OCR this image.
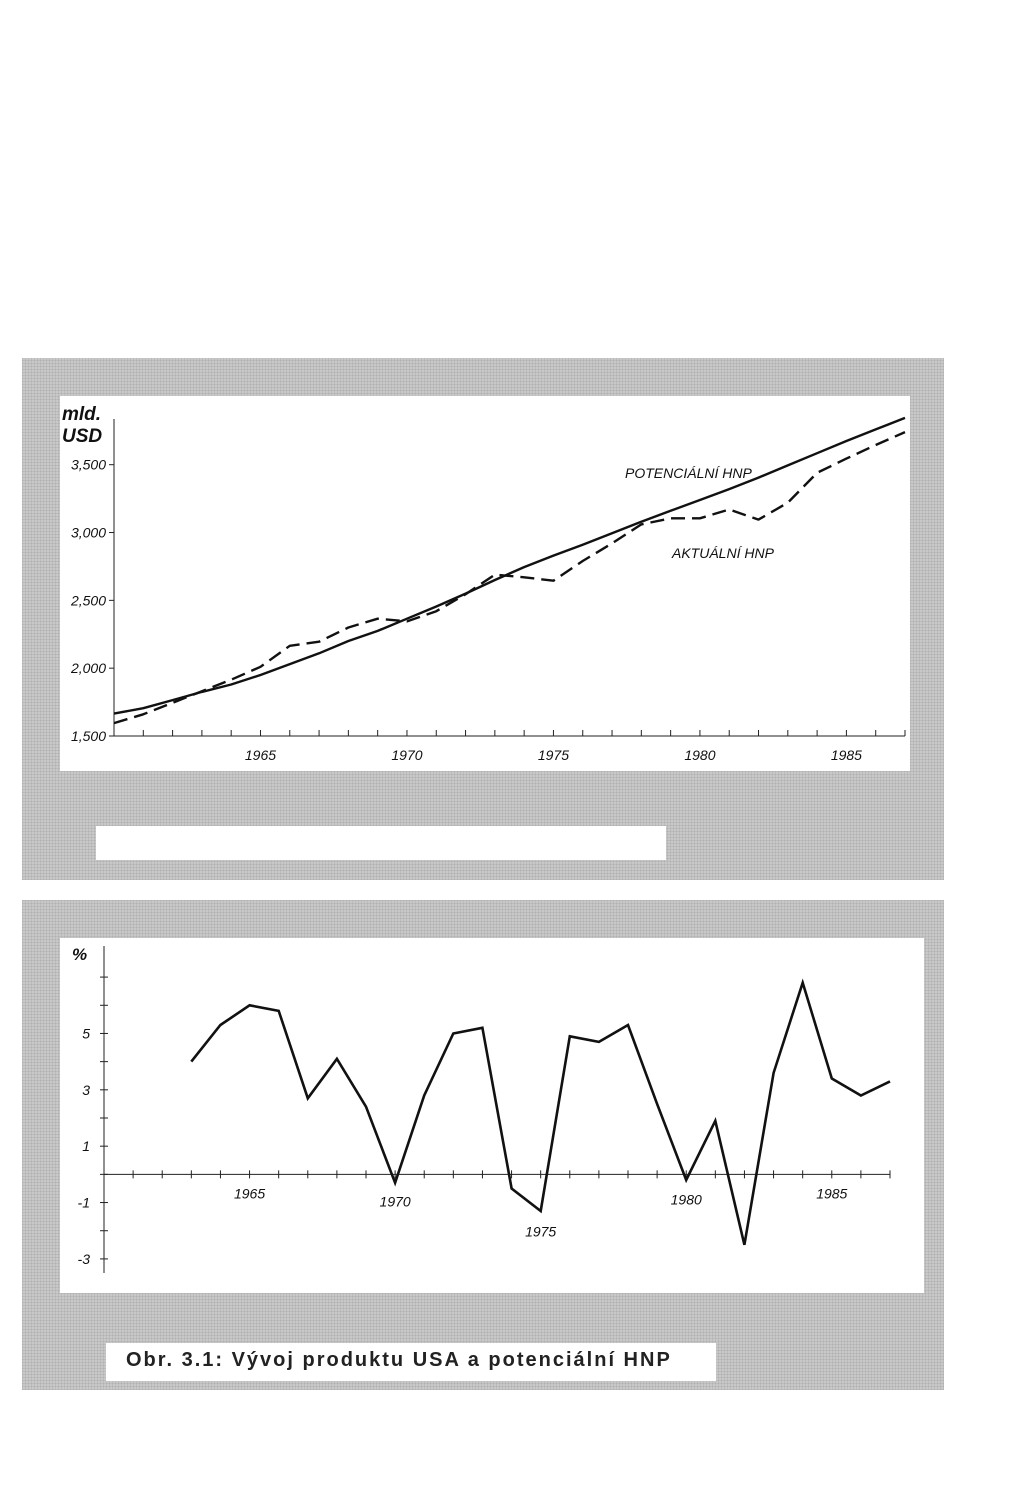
1,500
2,000
2,500
3,000
3,500
mld.
USD
1965	1970	1975	1980	1985
POTENCIÁLNÍ HNP
AKTUÁLNÍ HNP
5
3
1
-1
-3
%
1965	1970
1975
1980	1985
Obr. 3.1: Vývoj produktu USA a potenciální HNP
